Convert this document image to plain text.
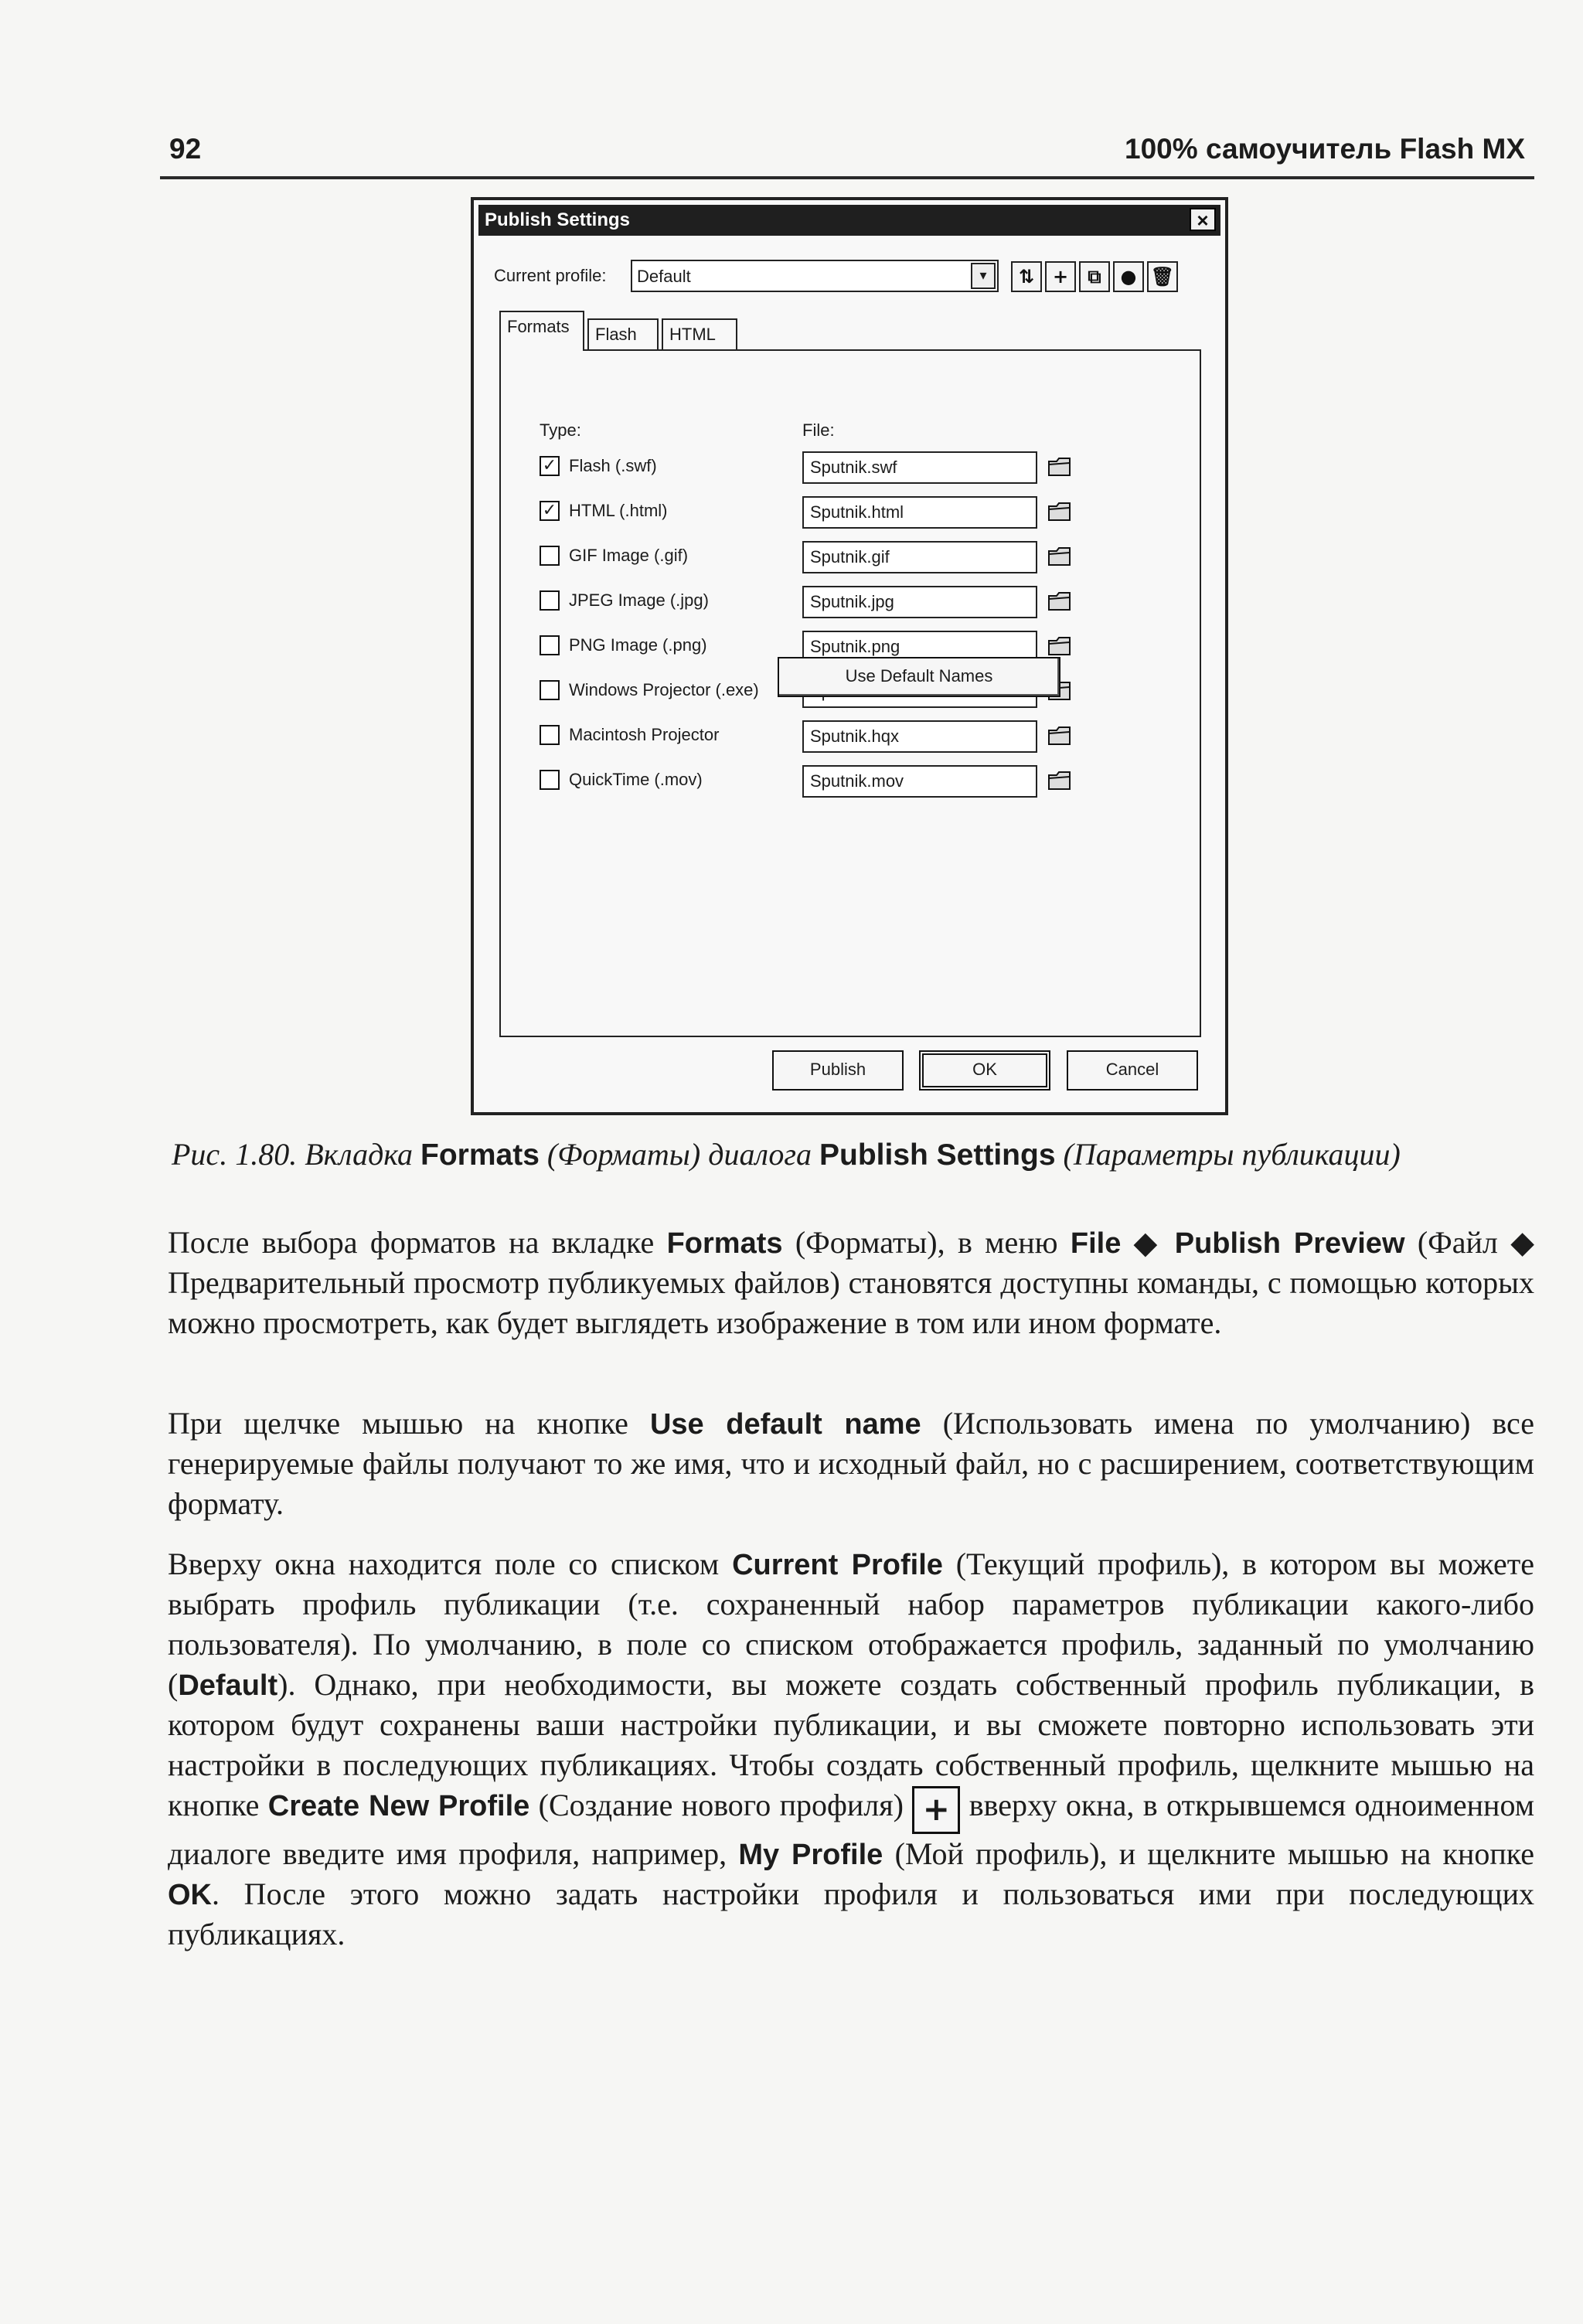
92	100% самоучитель Flash MX
Publish Settings	×
Current profile: Default	▾	⇅ +	⧉	● 🗑
Formats	Flash	HTML
Type:	File:
✓ Flash (.swf)	Sputnik.swf
✓ HTML (.html)	Sputnik.html
GIF Image (.gif)	Sputnik.gif
JPEG Image (.jpg)	Sputnik.jpg
PNG Image (.png)	Sputnik.png
Windows Projector (.exe)
Macintosh Projector	Sputnik.hqx
QuickTime (.mov)	Sputnik.mov
Use Default Names
Publish	OK	Cancel
Рис. 1.80. Вкладка Formats (Форматы) диалога Publish Settings (Параметры публикации)
После выбора форматов на вкладке Formats (Форматы), в меню File ◆ Publish Preview (Файл ◆ Предварительный просмотр публикуемых файлов) становятся доступны команды, с помощью которых можно просмотреть, как будет выглядеть изображение в том или ином формате.
При щелчке мышью на кнопке Use default name (Использовать имена по умолчанию) все генерируемые файлы получают то же имя, что и исходный файл, но с расширением, соответствующим формату.
Вверху окна находится поле со списком Current Profile (Текущий профиль), в котором вы можете выбрать профиль публикации (т.е. сохраненный набор параметров публикации какого-либо пользователя). По умолчанию, в поле со списком отображается профиль, заданный по умолчанию (Default). Однако, при необходимости, вы можете создать собственный профиль публикации, в котором будут сохранены ваши настройки публикации, и вы сможете повторно использовать эти настройки в последующих публикациях. Чтобы создать собственный профиль, щелкните мышью на кнопке Create New Profile (Создание нового профиля) + вверху окна, в открывшемся одноименном диалоге введите имя профиля, например, My Profile (Мой профиль), и щелкните мышью на кнопке OK. После этого можно задать настройки профиля и пользоваться ими при последующих публикациях.
